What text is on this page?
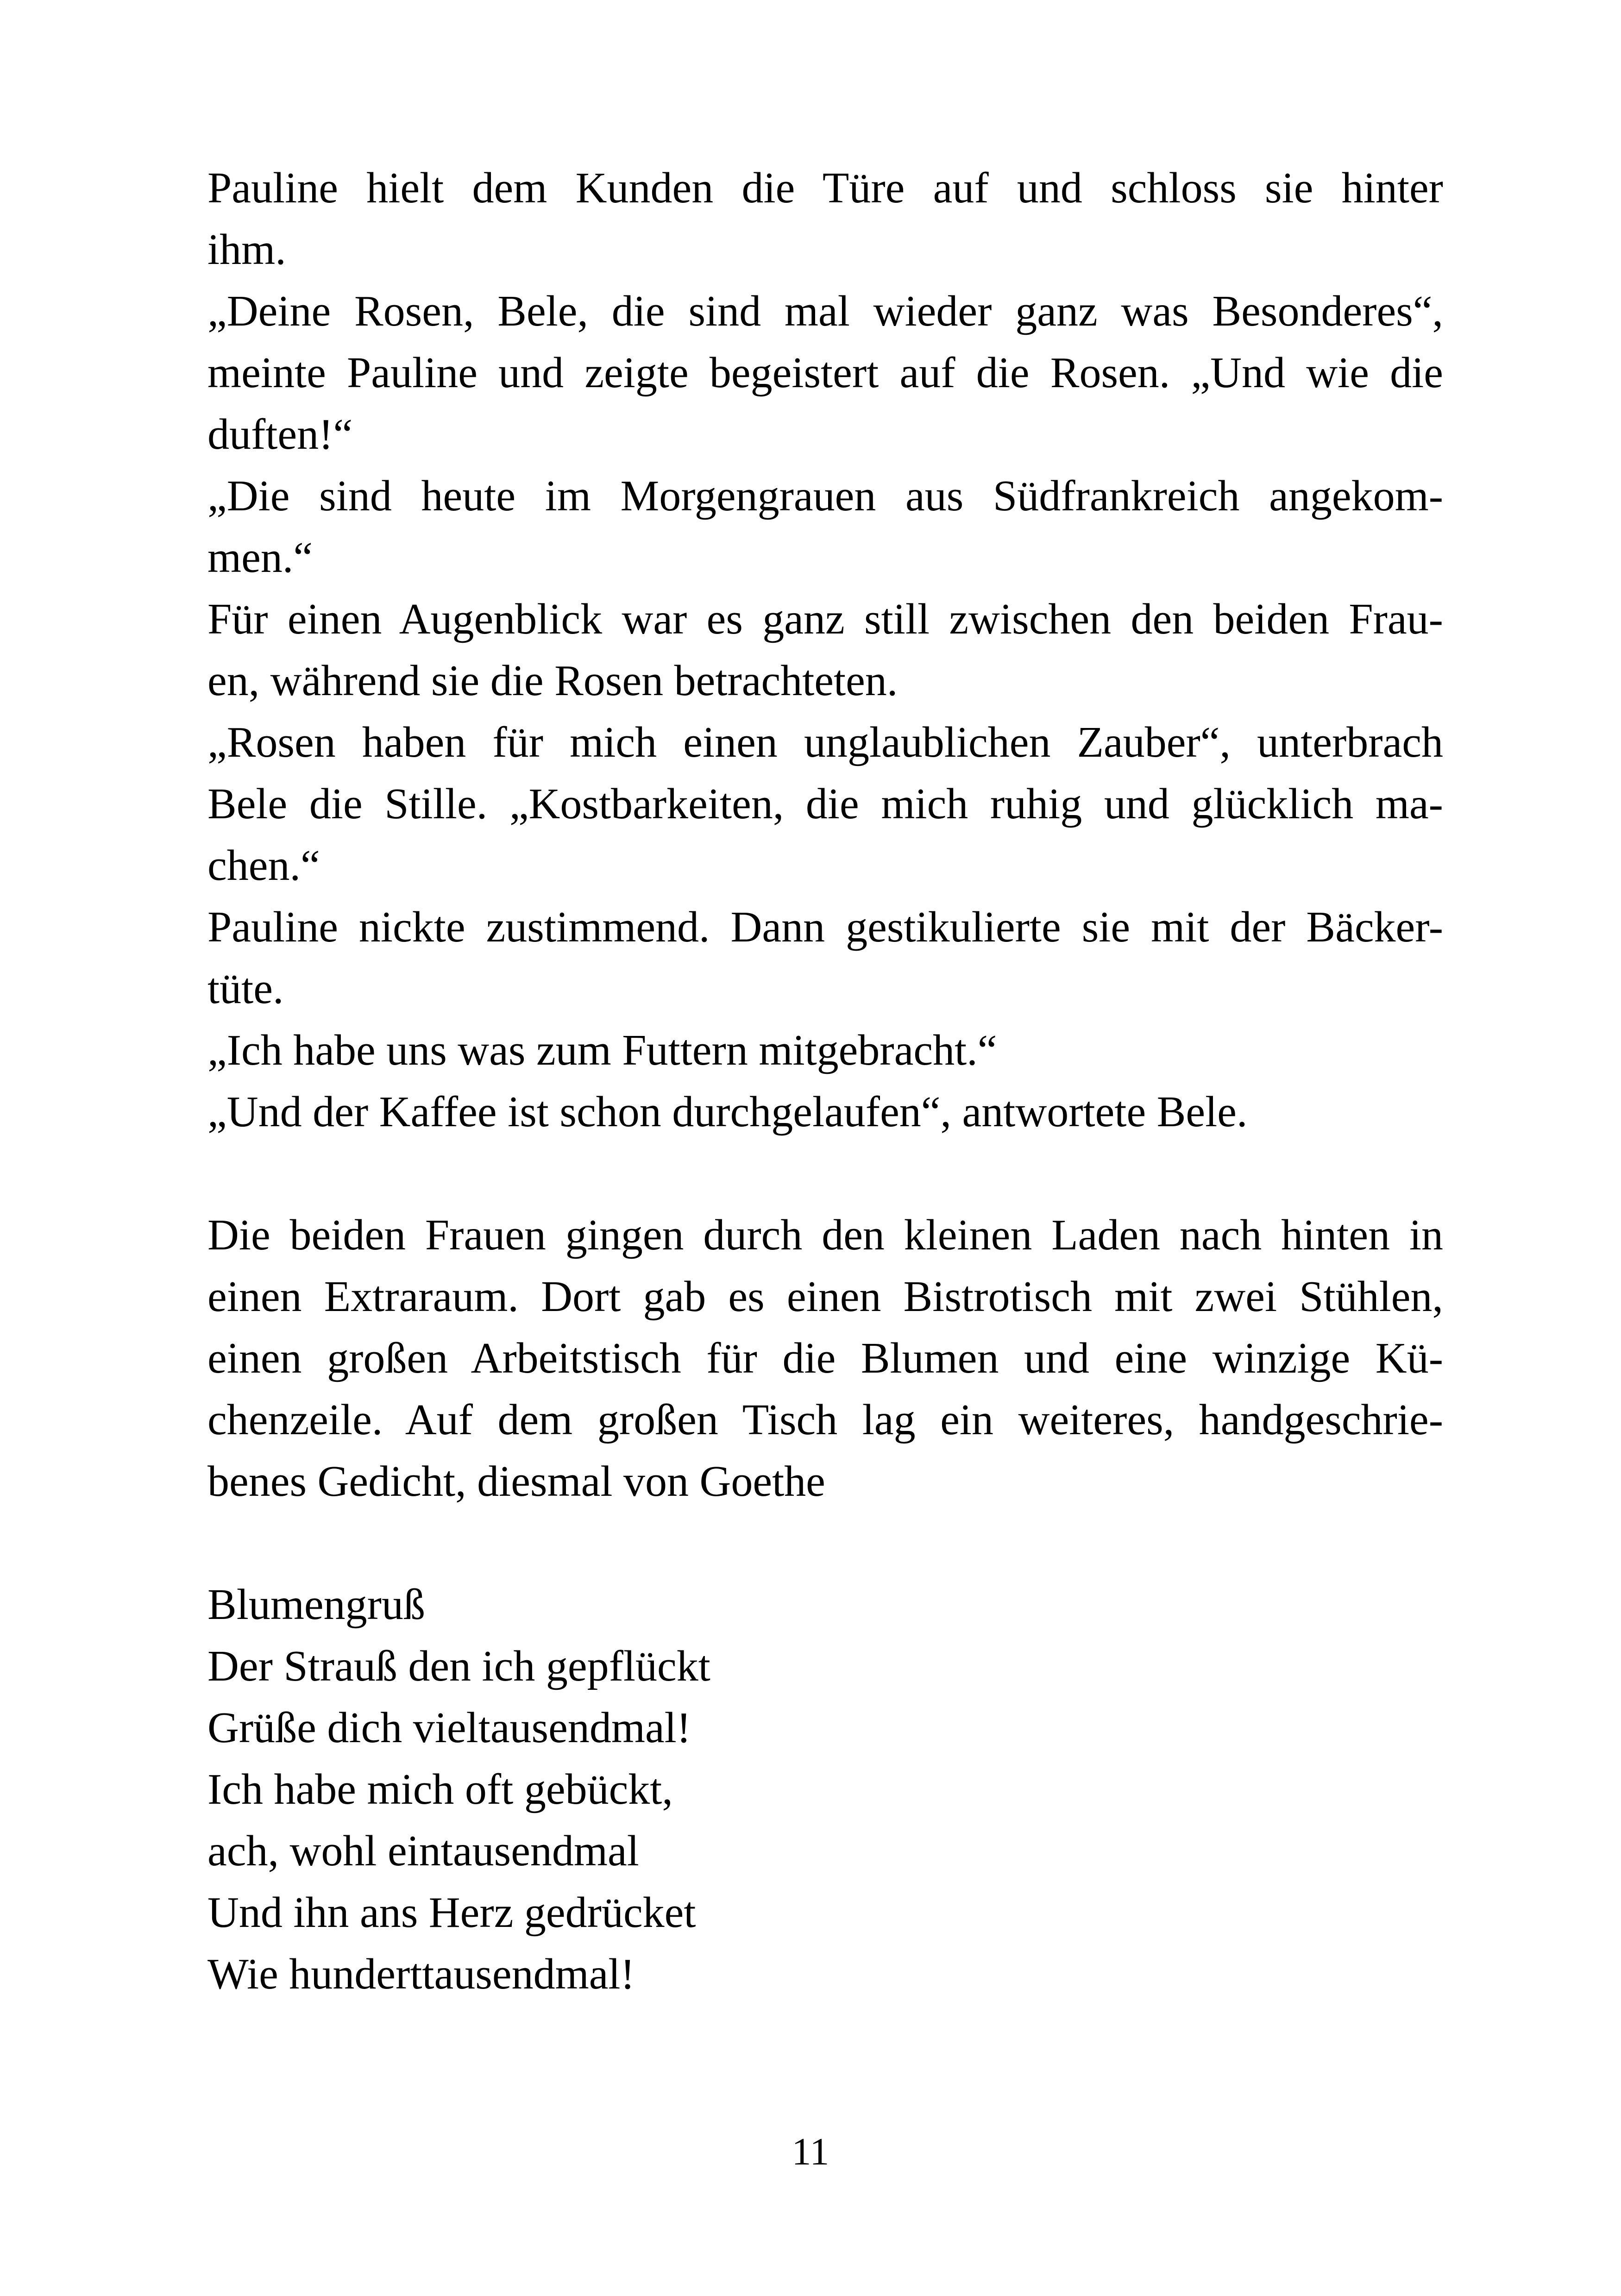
Pauline hielt dem Kunden die Türe auf und schloss sie hinter
ihm.
„Deine Rosen, Bele, die sind mal wieder ganz was Besonderes“,
meinte Pauline und zeigte begeistert auf die Rosen. „Und wie die
duften!“
„Die sind heute im Morgengrauen aus Südfrankreich angekom-
men.“
Für einen Augenblick war es ganz still zwischen den beiden Frau-
en, während sie die Rosen betrachteten.
„Rosen haben für mich einen unglaublichen Zauber“, unterbrach
Bele die Stille. „Kostbarkeiten, die mich ruhig und glücklich ma-
chen.“
Pauline nickte zustimmend. Dann gestikulierte sie mit der Bäcker-
tüte.
„Ich habe uns was zum Futtern mitgebracht.“
„Und der Kaffee ist schon durchgelaufen“, antwortete Bele.
Die beiden Frauen gingen durch den kleinen Laden nach hinten in
einen Extraraum. Dort gab es einen Bistrotisch mit zwei Stühlen,
einen großen Arbeitstisch für die Blumen und eine winzige Kü-
chenzeile. Auf dem großen Tisch lag ein weiteres, handgeschrie-
benes Gedicht, diesmal von Goethe
Blumengruß
Der Strauß den ich gepflückt
Grüße dich vieltausendmal!
Ich habe mich oft gebückt,
ach, wohl eintausendmal
Und ihn ans Herz gedrücket
Wie hunderttausendmal!
11
